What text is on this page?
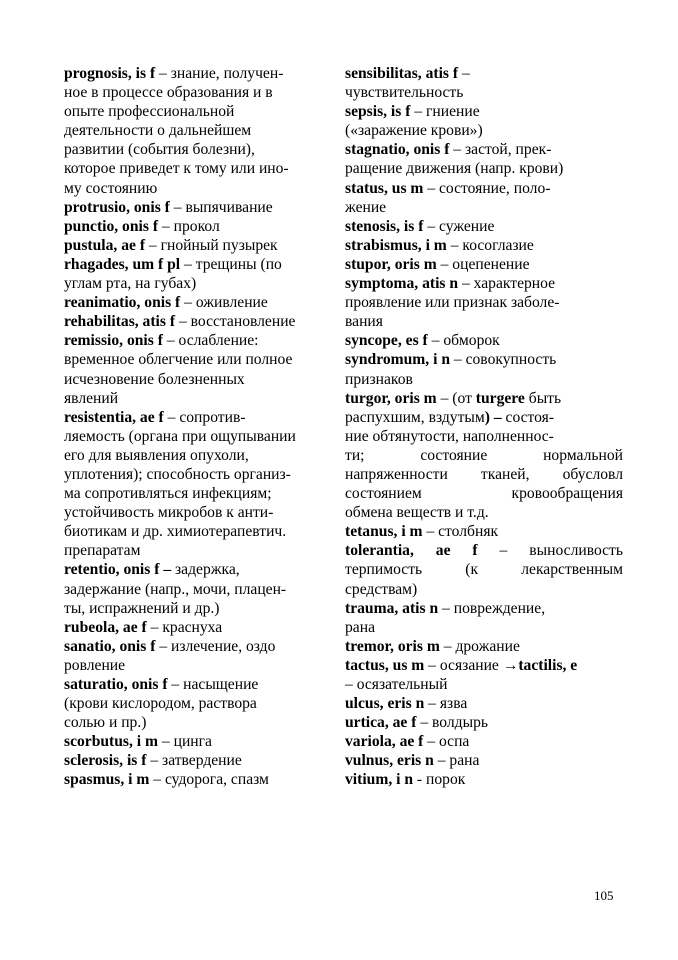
prognosis, is f – знание, получен-
ное в процессе образования и в
опыте профессиональной
деятельности о дальнейшем
развитии (события болезни),
которое приведет к тому или ино-
му состоянию
protrusio, onis f – выпячивание
punctio, onis f – прокол
pustula, ae f – гнойный пузырек
rhagades, um f pl – трещины (по
углам рта, на губах)
reanimatio, onis f – оживление
rehabilitas, atis f – восстановление
remissio, onis f – ослабление:
временное облегчение или полное
исчезновение болезненных
явлений
resistentia, ae f – сопротив-
ляемость (органа при ощупывании
его для выявления опухоли,
уплотения); способность организ-
ма сопротивляться инфекциям;
устойчивость микробов к анти-
биотикам и др. химиотерапевтич.
препаратам
retentio, onis f – задержка,
задержание (напр., мочи, плацен-
ты, испражнений и др.)
rubeola, ae f – краснуха
sanatio, onis f – излечение, оздо
ровление
saturatio, onis f – насыщение
(крови кислородом, раствора
солью и пр.)
scorbutus, i m – цинга
sclerosis, is f – затвердение
spasmus, i m – судорога, спазм
sensibilitas, atis f –
чувствительность
sepsis, is f – гниение
(«заражение крови»)
stagnatio, onis f – застой, прек-
ращение движения (напр. крови)
status, us m – состояние, поло-
жение
stenosis, is f – сужение
strabismus, i m – косоглазие
stupor, oris m – оцепенение
symptoma, atis n – характерное
проявление или признак заболе-
вания
syncope, es f – обморок
syndromum, i n – совокупность
признаков
turgor, oris m – (от turgere быть
распухшим, вздутым) – состоя-
ние обтянутости, наполненнос-
ти; состояние нормальной
напряженности тканей, обусловл
состоянием кровообращения
обмена веществ и т.д.
tetanus, i m – столбняк
tolerantia, ae f – выносливость
терпимость (к лекарственным
средствам)
trauma, atis n – повреждение,
рана
tremor, oris m – дрожание
tactus, us m – осязание →tactilis, e
– осязательный
ulcus, eris n – язва
urtica, ae f – волдырь
variola, ae f – оспа
vulnus, eris n – рана
vitium, i n - порок
105
